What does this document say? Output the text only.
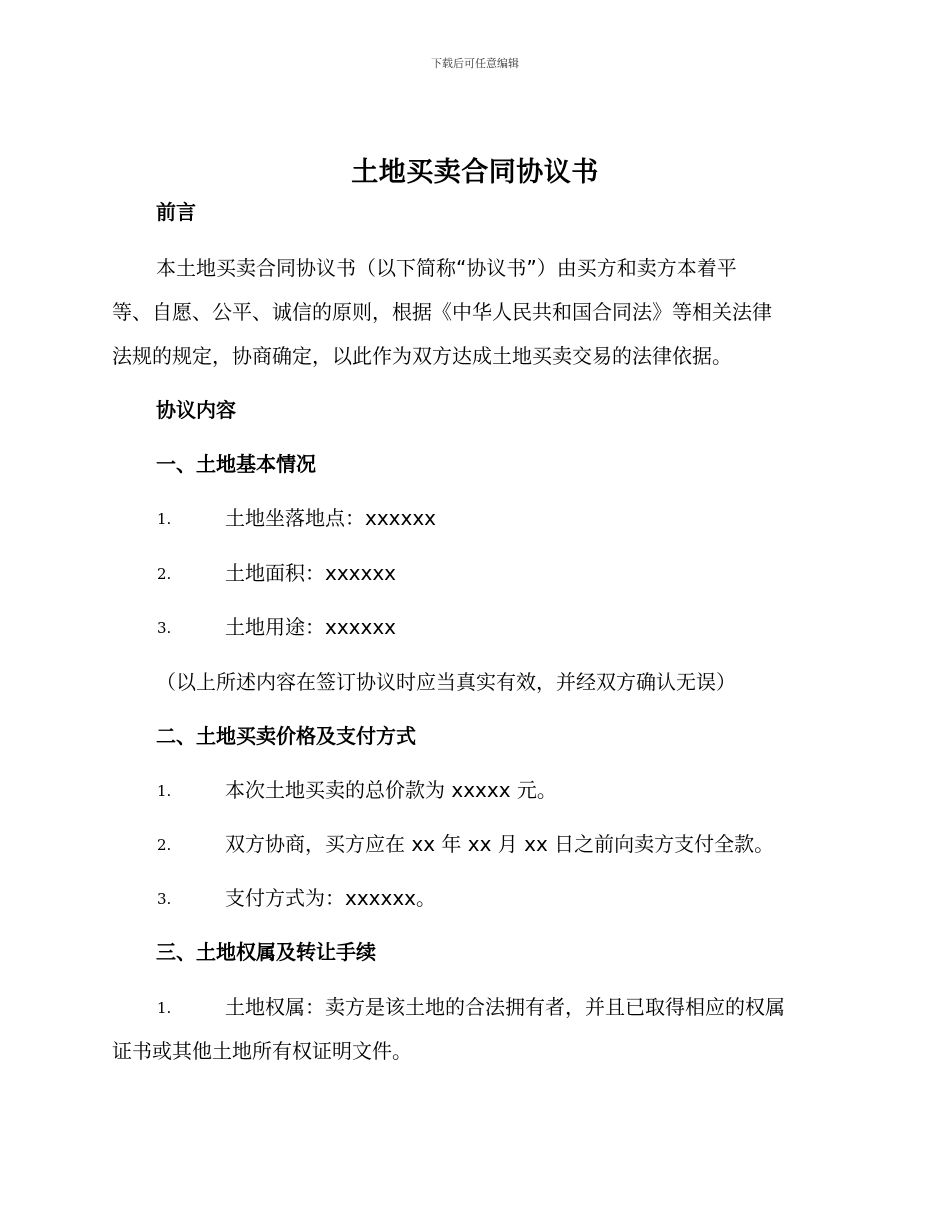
下载后可任意编辑
土地买卖合同协议书
前言
本土地买卖合同协议书（以下简称“协议书”）由买方和卖方本着平
等、自愿、公平、诚信的原则，根据《中华人民共和国合同法》等相关法律
法规的规定，协商确定，以此作为双方达成土地买卖交易的法律依据。
协议内容
一、土地基本情况
1.	土地坐落地点：xxxxxx
2.	土地面积：xxxxxx
3.	土地用途：xxxxxx
（以上所述内容在签订协议时应当真实有效，并经双方确认无误）
二、土地买卖价格及支付方式
1.	本次土地买卖的总价款为 xxxxx 元。
2.	双方协商，买方应在 xx 年 xx 月 xx 日之前向卖方支付全款。
3.	支付方式为：xxxxxx。
三、土地权属及转让手续
1.	土地权属：卖方是该土地的合法拥有者，并且已取得相应的权属
证书或其他土地所有权证明文件。
